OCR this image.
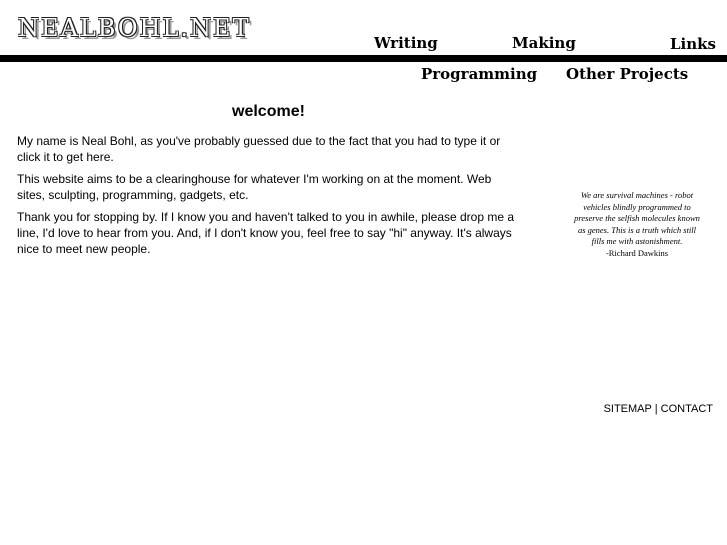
NEALBOHL.NET
Writing	Making	Links
Programming Other Projects
welcome!

My name is Neal Bohl, as you've probably guessed due to the fact that you had to type it or click it to get here.

This website aims to be a clearinghouse for whatever I'm working on at the moment. Web sites, sculpting, programming, gadgets, etc.

Thank you for stopping by. If I know you and haven't talked to you in awhile, please drop me a line, I'd love to hear from you. And, if I don't know you, feel free to say "hi" anyway. It's always nice to meet new people.

We are survival machines - robot vehicles blindly programmed to preserve the selfish molecules known as genes. This is a truth which still fills me with astonishment.
-Richard Dawkins
SITEMAP | CONTACT
